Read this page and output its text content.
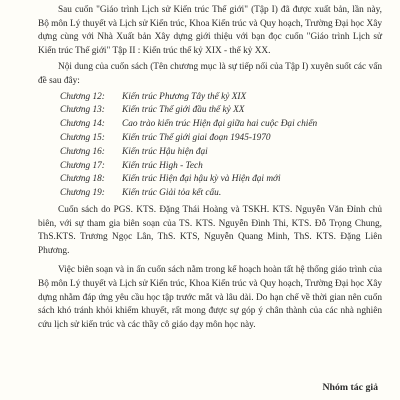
Sau cuốn "Giáo trình Lịch sử Kiến trúc Thế giới" (Tập I) đã được xuất bản, lần này, Bộ môn Lý thuyết và Lịch sử Kiến trúc, Khoa Kiến trúc và Quy hoạch, Trường Đại học Xây dựng cùng với Nhà Xuất bản Xây dựng giới thiệu với bạn đọc cuốn "Giáo trình Lịch sử Kiến trúc Thế giới" Tập II : Kiến trúc thế kỷ XIX - thế kỷ XX.

Nội dung của cuốn sách (Tên chương mục là sự tiếp nối của Tập I) xuyên suốt các vấn đề sau đây:

Chương 12:	Kiến trúc Phương Tây thế kỷ XIX
Chương 13:	Kiến trúc Thế giới đầu thế kỷ XX
Chương 14:	Cao trào kiến trúc Hiện đại giữa hai cuộc Đại chiến
Chương 15:	Kiến trúc Thế giới giai đoạn 1945-1970
Chương 16:	Kiến trúc Hậu hiện đại
Chương 17:	Kiến trúc High - Tech
Chương 18:	Kiến trúc Hiện đại hậu kỳ và Hiện đại mới
Chương 19:	Kiến trúc Giải tỏa kết cấu.

Cuốn sách do PGS. KTS. Đặng Thái Hoàng và TSKH. KTS. Nguyễn Văn Đỉnh chủ biên, với sự tham gia biên soạn của TS. KTS. Nguyễn Đình Thi, KTS. Đỗ Trọng Chung, ThS.KTS. Trương Ngọc Lân, ThS. KTS, Nguyễn Quang Minh, ThS. KTS. Đặng Liên Phương.

Việc biên soạn và in ấn cuốn sách nằm trong kế hoạch hoàn tất hệ thống giáo trình của Bộ môn Lý thuyết và Lịch sử Kiến trúc, Khoa Kiến trúc và Quy hoạch, Trường Đại học Xây dựng nhằm đáp ứng yêu cầu học tập trước mắt và lâu dài. Do hạn chế về thời gian nên cuốn sách khó tránh khỏi khiếm khuyết, rất mong được sự góp ý chân thành của các nhà nghiên cứu lịch sử kiến trúc và các thầy cô giáo dạy môn học này.

Nhóm tác giả
